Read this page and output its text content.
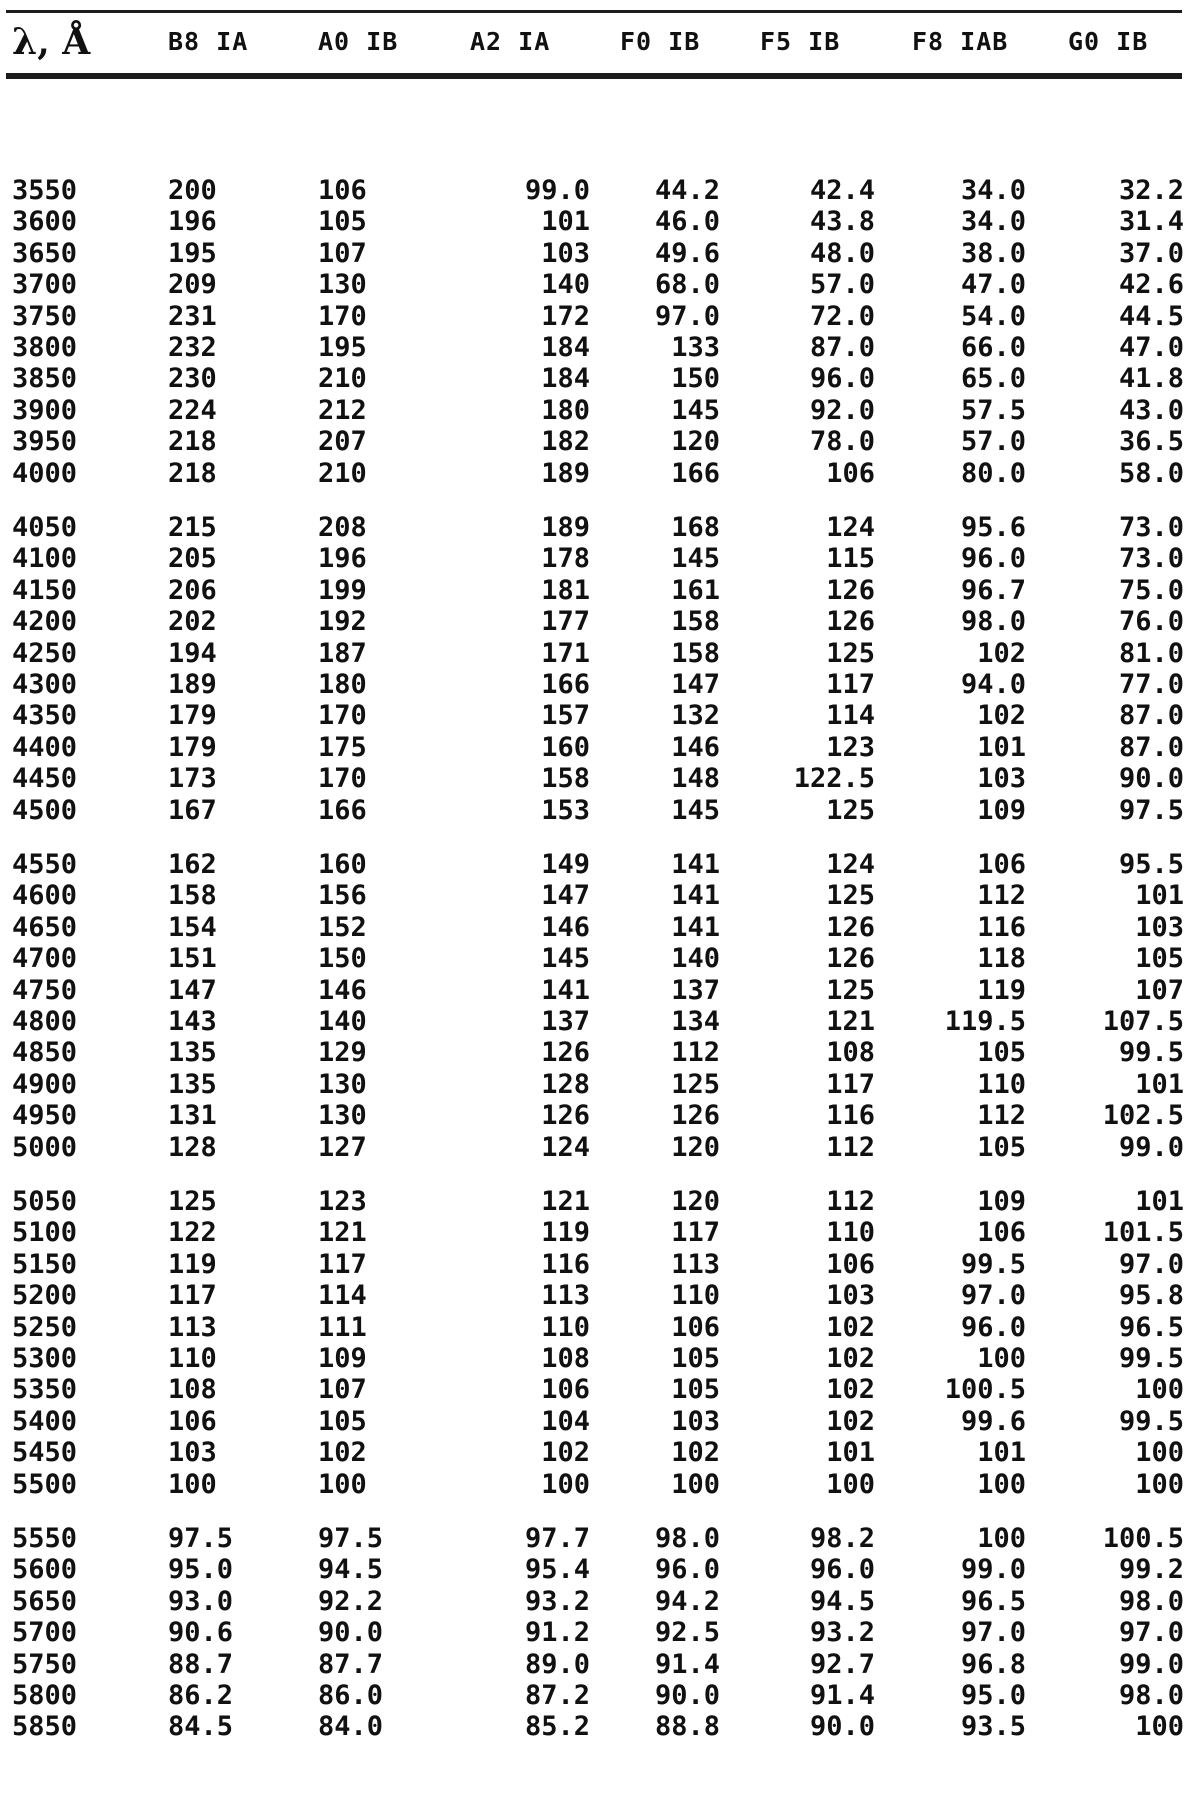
λ, Å	B8 IA	A0 IB	A2 IA	F0 IB	F5 IB	F8 IAB	G0 IB
3550	200	106	99.0	44.2	42.4	34.0	32.2
3600	196	105	101	46.0	43.8	34.0	31.4
3650	195	107	103	49.6	48.0	38.0	37.0
3700	209	130	140	68.0	57.0	47.0	42.6
3750	231	170	172	97.0	72.0	54.0	44.5
3800	232	195	184	133	87.0	66.0	47.0
3850	230	210	184	150	96.0	65.0	41.8
3900	224	212	180	145	92.0	57.5	43.0
3950	218	207	182	120	78.0	57.0	36.5
4000	218	210	189	166	106	80.0	58.0
4050	215	208	189	168	124	95.6	73.0
4100	205	196	178	145	115	96.0	73.0
4150	206	199	181	161	126	96.7	75.0
4200	202	192	177	158	126	98.0	76.0
4250	194	187	171	158	125	102	81.0
4300	189	180	166	147	117	94.0	77.0
4350	179	170	157	132	114	102	87.0
4400	179	175	160	146	123	101	87.0
4450	173	170	158	148	122.5	103	90.0
4500	167	166	153	145	125	109	97.5
4550	162	160	149	141	124	106	95.5
4600	158	156	147	141	125	112	101
4650	154	152	146	141	126	116	103
4700	151	150	145	140	126	118	105
4750	147	146	141	137	125	119	107
4800	143	140	137	134	121	119.5	107.5
4850	135	129	126	112	108	105	99.5
4900	135	130	128	125	117	110	101
4950	131	130	126	126	116	112	102.5
5000	128	127	124	120	112	105	99.0
5050	125	123	121	120	112	109	101
5100	122	121	119	117	110	106	101.5
5150	119	117	116	113	106	99.5	97.0
5200	117	114	113	110	103	97.0	95.8
5250	113	111	110	106	102	96.0	96.5
5300	110	109	108	105	102	100	99.5
5350	108	107	106	105	102	100.5	100
5400	106	105	104	103	102	99.6	99.5
5450	103	102	102	102	101	101	100
5500	100	100	100	100	100	100	100
5550	97.5	97.5	97.7	98.0	98.2	100	100.5
5600	95.0	94.5	95.4	96.0	96.0	99.0	99.2
5650	93.0	92.2	93.2	94.2	94.5	96.5	98.0
5700	90.6	90.0	91.2	92.5	93.2	97.0	97.0
5750	88.7	87.7	89.0	91.4	92.7	96.8	99.0
5800	86.2	86.0	87.2	90.0	91.4	95.0	98.0
5850	84.5	84.0	85.2	88.8	90.0	93.5	100
